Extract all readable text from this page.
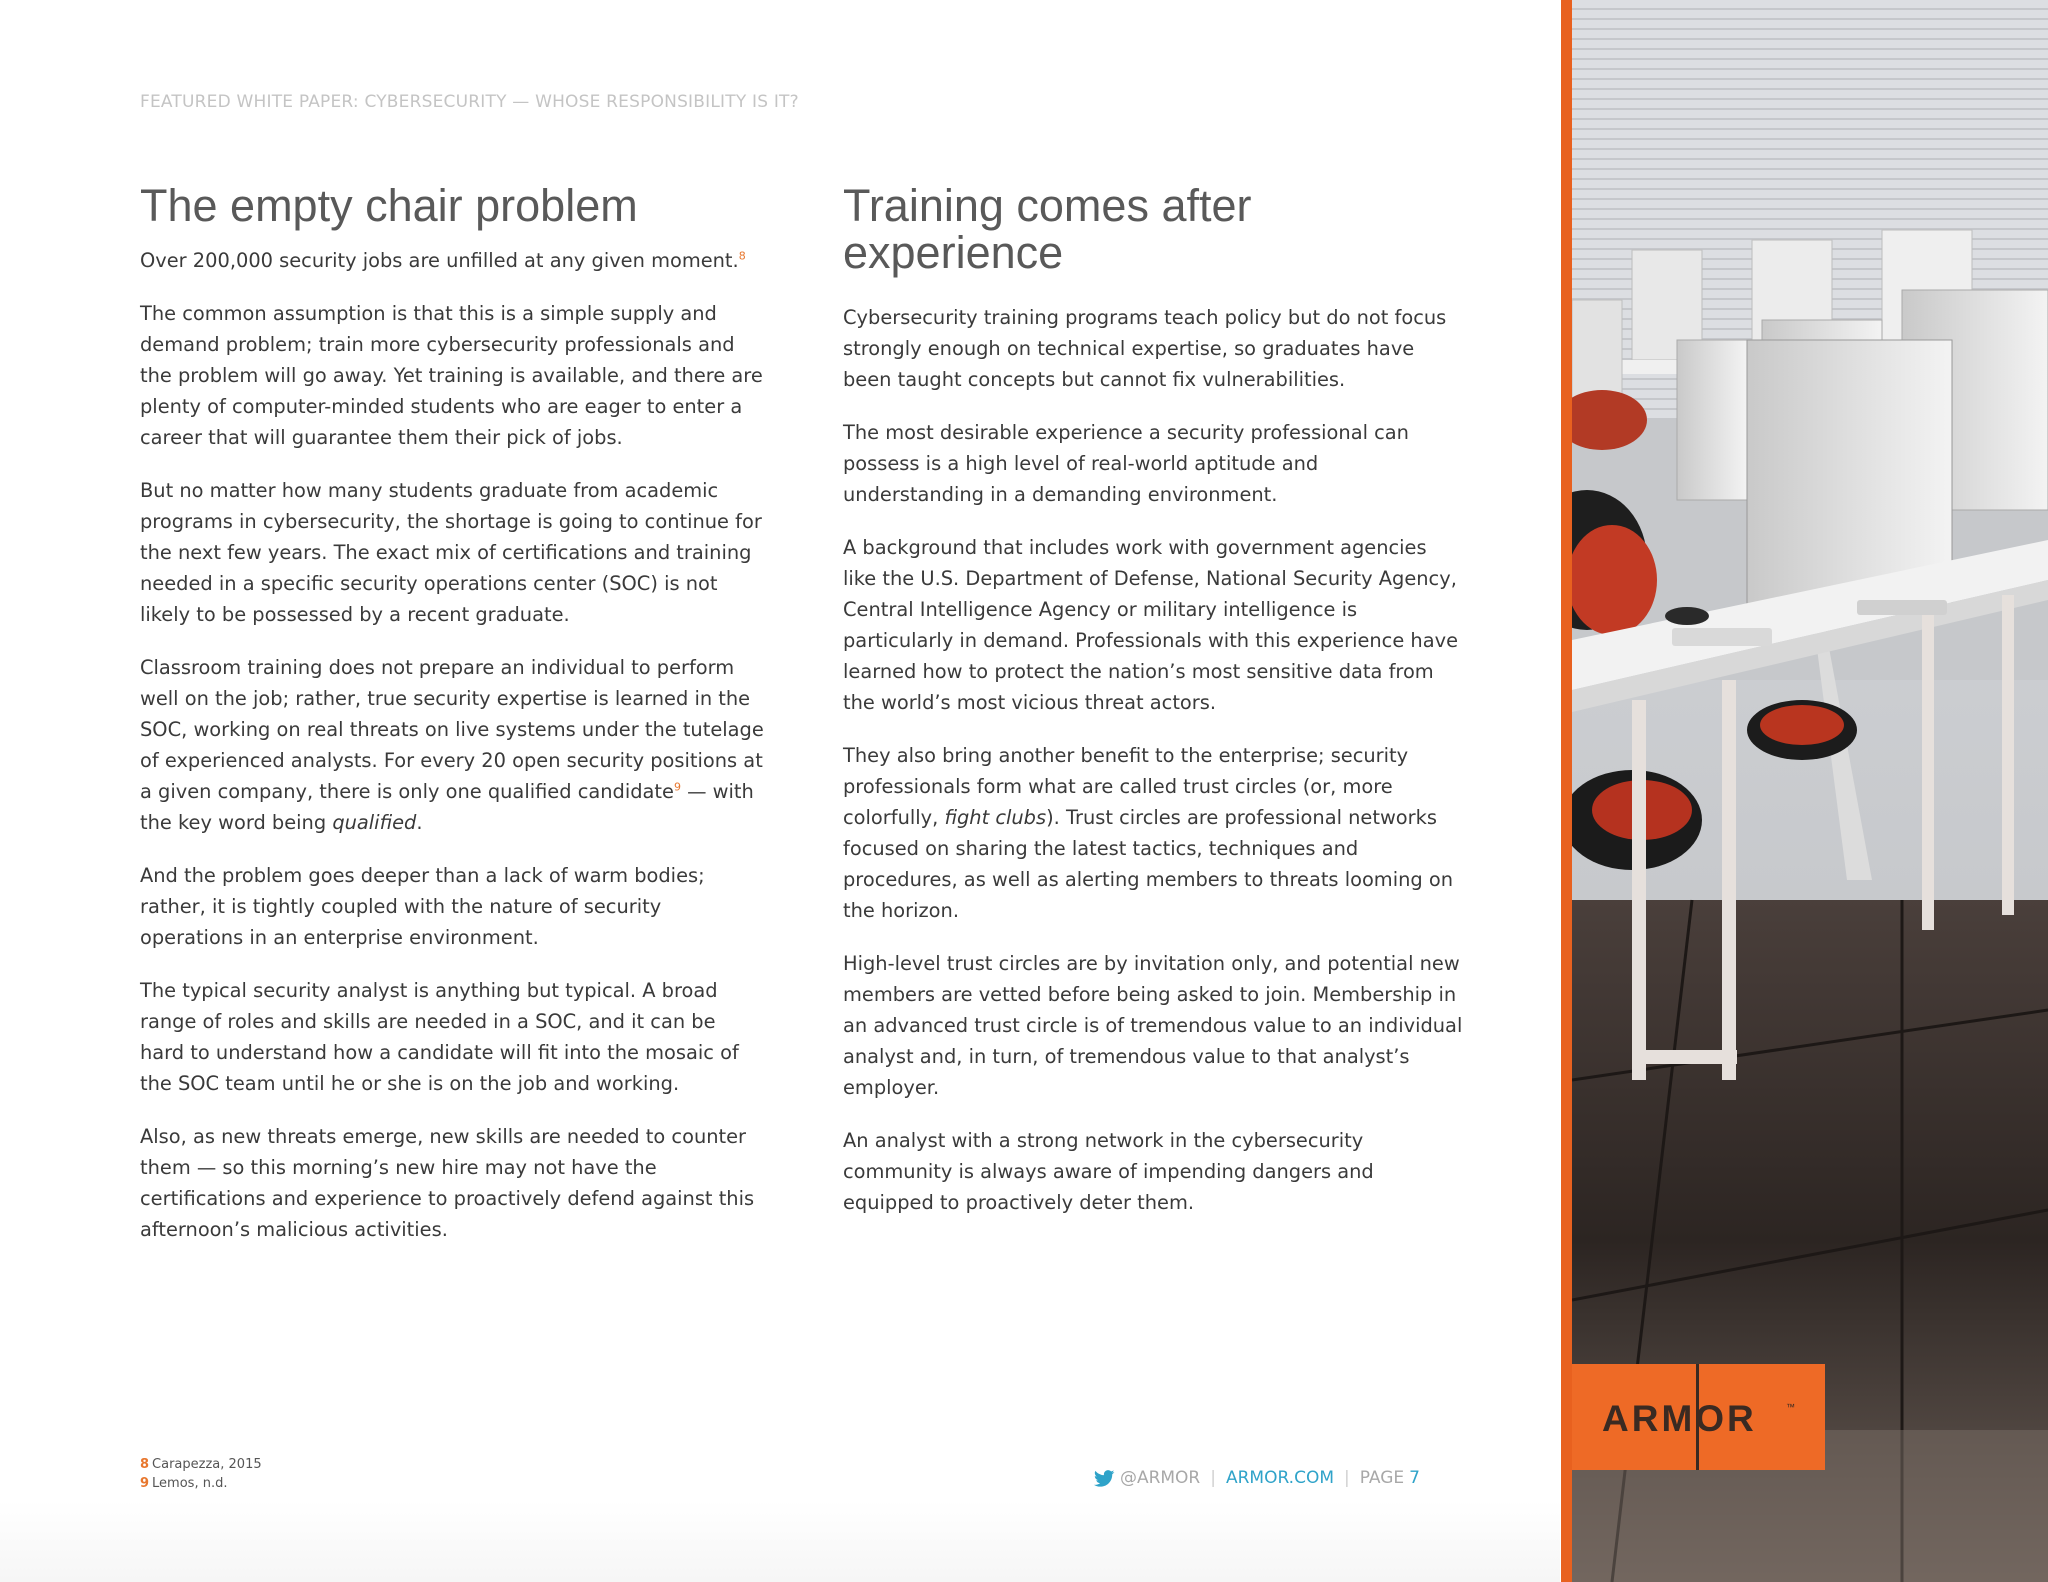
FEATURED WHITE PAPER: CYBERSECURITY — WHOSE RESPONSIBILITY IS IT?
The empty chair problem

Over 200,000 security jobs are unfilled at any given moment.$^8$

The common assumption is that this is a simple supply and demand problem; train more cybersecurity professionals and the problem will go away. Yet training is available, and there are plenty of computer-minded students who are eager to enter a career that will guarantee them their pick of jobs.

But no matter how many students graduate from academic programs in cybersecurity, the shortage is going to continue for the next few years. The exact mix of certifications and training needed in a specific security operations center (SOC) is not likely to be possessed by a recent graduate.

Classroom training does not prepare an individual to perform well on the job; rather, true security expertise is learned in the SOC, working on real threats on live systems under the tutelage of experienced analysts. For every 20 open security positions at a given company, there is only one qualified candidate$^9$ — with the key word being qualified.

And the problem goes deeper than a lack of warm bodies; rather, it is tightly coupled with the nature of security operations in an enterprise environment.

The typical security analyst is anything but typical. A broad range of roles and skills are needed in a SOC, and it can be hard to understand how a candidate will fit into the mosaic of the SOC team until he or she is on the job and working.

Also, as new threats emerge, new skills are needed to counter them — so this morning’s new hire may not have the certifications and experience to proactively defend against this afternoon’s malicious activities.

Training comes after
experience

Cybersecurity training programs teach policy but do not focus strongly enough on technical expertise, so graduates have been taught concepts but cannot fix vulnerabilities.

The most desirable experience a security professional can possess is a high level of real-world aptitude and understanding in a demanding environment.

A background that includes work with government agencies like the U.S. Department of Defense, National Security Agency, Central Intelligence Agency or military intelligence is particularly in demand. Professionals with this experience have learned how to protect the nation’s most sensitive data from the world’s most vicious threat actors.

They also bring another benefit to the enterprise; security professionals form what are called trust circles (or, more colorfully, fight clubs). Trust circles are professional networks focused on sharing the latest tactics, techniques and procedures, as well as alerting members to threats looming on the horizon.

High-level trust circles are by invitation only, and potential new members are vetted before being asked to join. Membership in an advanced trust circle is of tremendous value to an individual analyst and, in turn, of tremendous value to that analyst’s employer.

An analyst with a strong network in the cybersecurity community is always aware of impending dangers and equipped to proactively deter them.

8 Carapezza, 2015
9 Lemos, n.d.	@ARMOR | ARMOR.COM | PAGE 7
ARMOR	™
